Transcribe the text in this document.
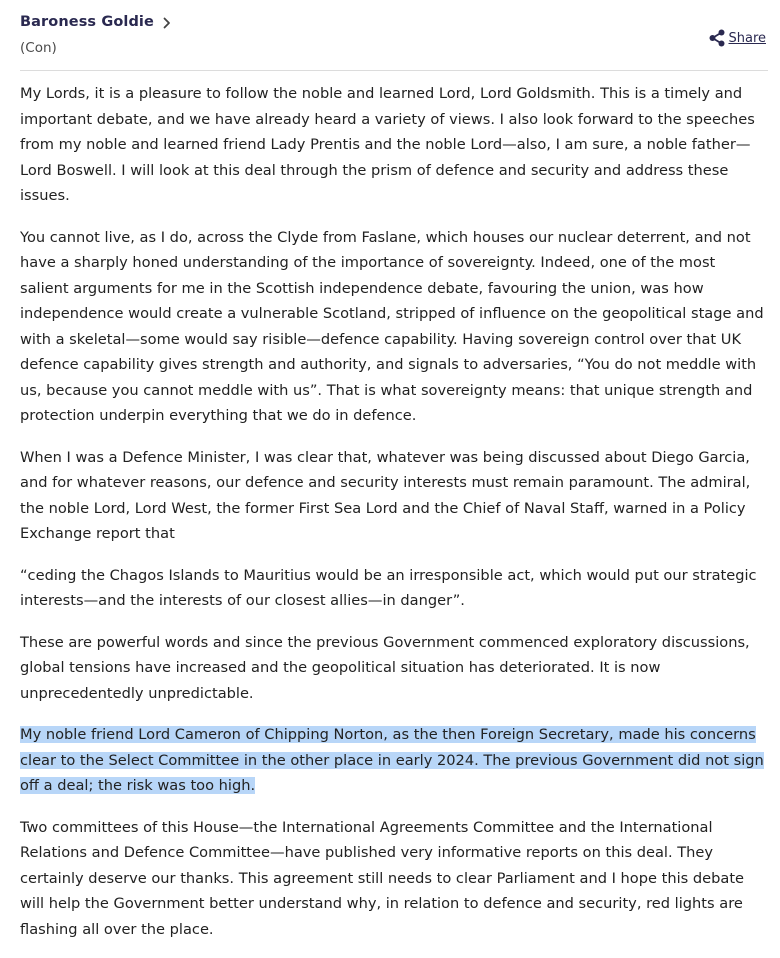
Baroness Goldie
(Con)
Share

My Lords, it is a pleasure to follow the noble and learned Lord, Lord Goldsmith. This is a timely and important debate, and we have already heard a variety of views. I also look forward to the speeches from my noble and learned friend Lady Prentis and the noble Lord—also, I am sure, a noble father—Lord Boswell. I will look at this deal through the prism of defence and security and address these issues.

You cannot live, as I do, across the Clyde from Faslane, which houses our nuclear deterrent, and not have a sharply honed understanding of the importance of sovereignty. Indeed, one of the most salient arguments for me in the Scottish independence debate, favouring the union, was how independence would create a vulnerable Scotland, stripped of influence on the geopolitical stage and with a skeletal—some would say risible—defence capability. Having sovereign control over that UK defence capability gives strength and authority, and signals to adversaries, “You do not meddle with us, because you cannot meddle with us”. That is what sovereignty means: that unique strength and protection underpin everything that we do in defence.

When I was a Defence Minister, I was clear that, whatever was being discussed about Diego Garcia, and for whatever reasons, our defence and security interests must remain paramount. The admiral, the noble Lord, Lord West, the former First Sea Lord and the Chief of Naval Staff, warned in a Policy Exchange report that

“ceding the Chagos Islands to Mauritius would be an irresponsible act, which would put our strategic interests—and the interests of our closest allies—in danger”.

These are powerful words and since the previous Government commenced exploratory discussions, global tensions have increased and the geopolitical situation has deteriorated. It is now unprecedentedly unpredictable.

My noble friend Lord Cameron of Chipping Norton, as the then Foreign Secretary, made his concerns clear to the Select Committee in the other place in early 2024. The previous Government did not sign off a deal; the risk was too high.

Two committees of this House—the International Agreements Committee and the International Relations and Defence Committee—have published very informative reports on this deal. They certainly deserve our thanks. This agreement still needs to clear Parliament and I hope this debate will help the Government better understand why, in relation to defence and security, red lights are flashing all over the place.
